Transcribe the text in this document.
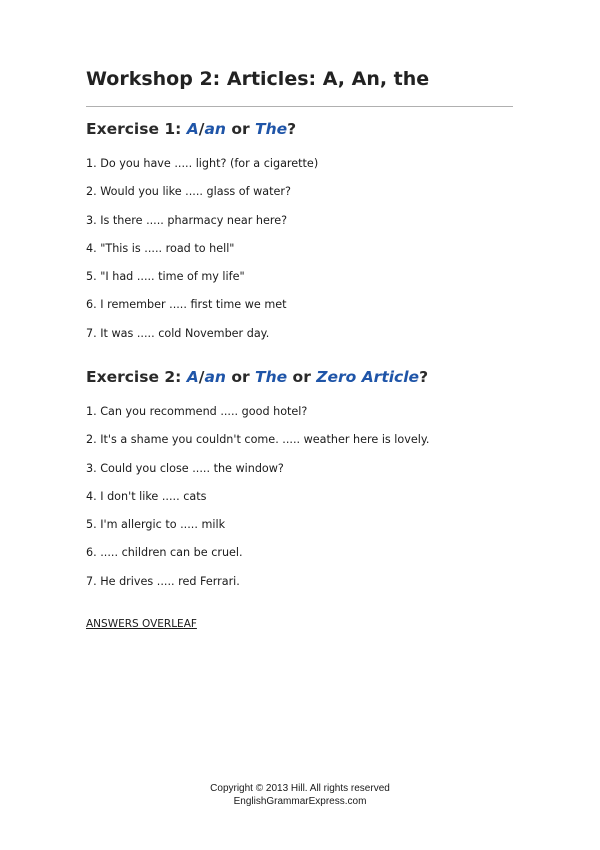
Workshop 2: Articles: A, An, the
Exercise 1: A/an or The?
1. Do you have ..... light? (for a cigarette)
2. Would you like ..... glass of water?
3. Is there ..... pharmacy near here?
4. "This is ..... road to hell"
5. "I had ..... time of my life"
6. I remember ..... first time we met
7. It was ..... cold November day.
Exercise 2: A/an or The or Zero Article?
1. Can you recommend ..... good hotel?
2. It's a shame you couldn't come. ..... weather here is lovely.
3. Could you close ..... the window?
4. I don't like ..... cats
5. I'm allergic to ..... milk
6. ..... children can be cruel.
7. He drives ..... red Ferrari.
ANSWERS OVERLEAF
Copyright © 2013 Hill. All rights reserved
EnglishGrammarExpress.com
